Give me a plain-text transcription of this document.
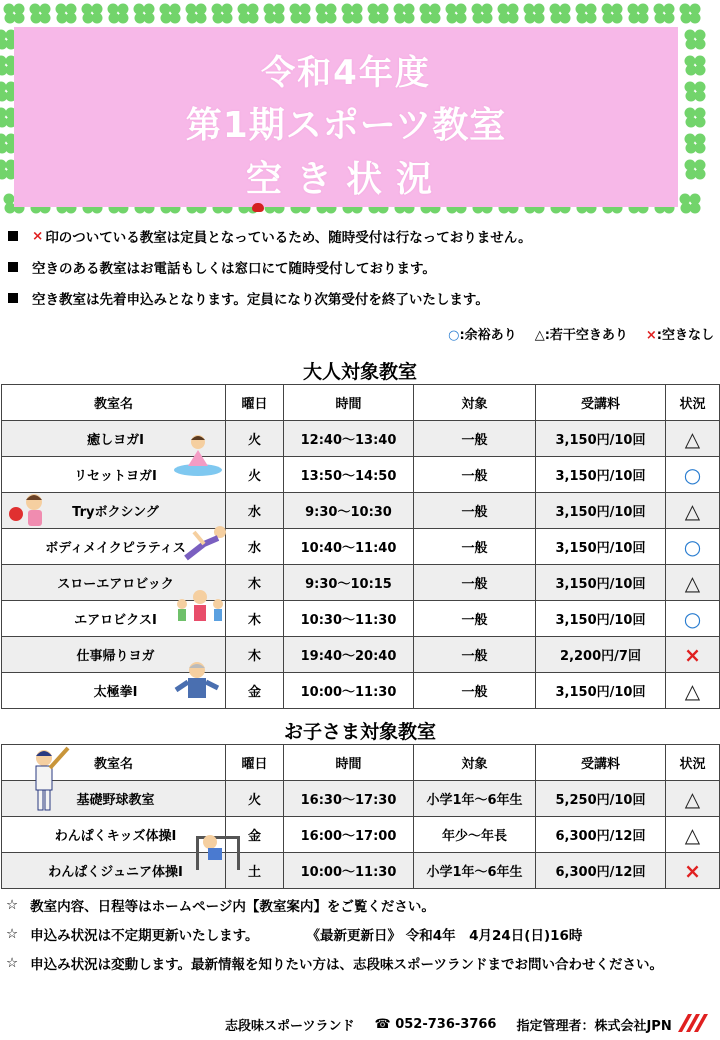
令和4年度
第1期スポーツ教室
空き状況
× 印のついている教室は定員となっているため、随時受付は行なっておりません。
空きのある教室はお電話もしくは窓口にて随時受付しております。
空き教室は先着申込みとなります。定員になり次第受付を終了いたします。
○:余裕あり △:若干空きあり ×:空きなし
大人対象教室
教室名	曜日	時間	対象	受講料	状況
癒しヨガⅠ	火	12:40～13:40	一般	3,150円/10回	△
リセットヨガⅠ	火	13:50～14:50	一般	3,150円/10回	○
Tryボクシング	水	9:30～10:30	一般	3,150円/10回	△
ボディメイクピラティス	水	10:40～11:40	一般	3,150円/10回	○
スローエアロビック	木	9:30～10:15	一般	3,150円/10回	△
エアロビクスⅠ	木	10:30～11:30	一般	3,150円/10回	○
仕事帰りヨガ	木	19:40～20:40	一般	2,200円/7回	×
太極拳Ⅰ	金	10:00～11:30	一般	3,150円/10回	△
お子さま対象教室
教室名	曜日	時間	対象	受講料	状況
基礎野球教室	火	16:30～17:30	小学1年～6年生	5,250円/10回	△
わんぱくキッズ体操Ⅰ	金	16:00～17:00	年少～年長	6,300円/12回	△
わんぱくジュニア体操Ⅰ	土	10:00～11:30	小学1年～6年生	6,300円/12回	×
☆ 教室内容、日程等はホームページ内【教室案内】をご覧ください。
☆ 申込み状況は不定期更新いたします。	《最新更新日》 令和4年　4月24日(日)16時
☆ 申込み状況は変動します。最新情報を知りたい方は、志段味スポーツランドまでお問い合わせください。
志段味スポーツランド ☎ 052-736-3766 指定管理者：株式会社JPN
